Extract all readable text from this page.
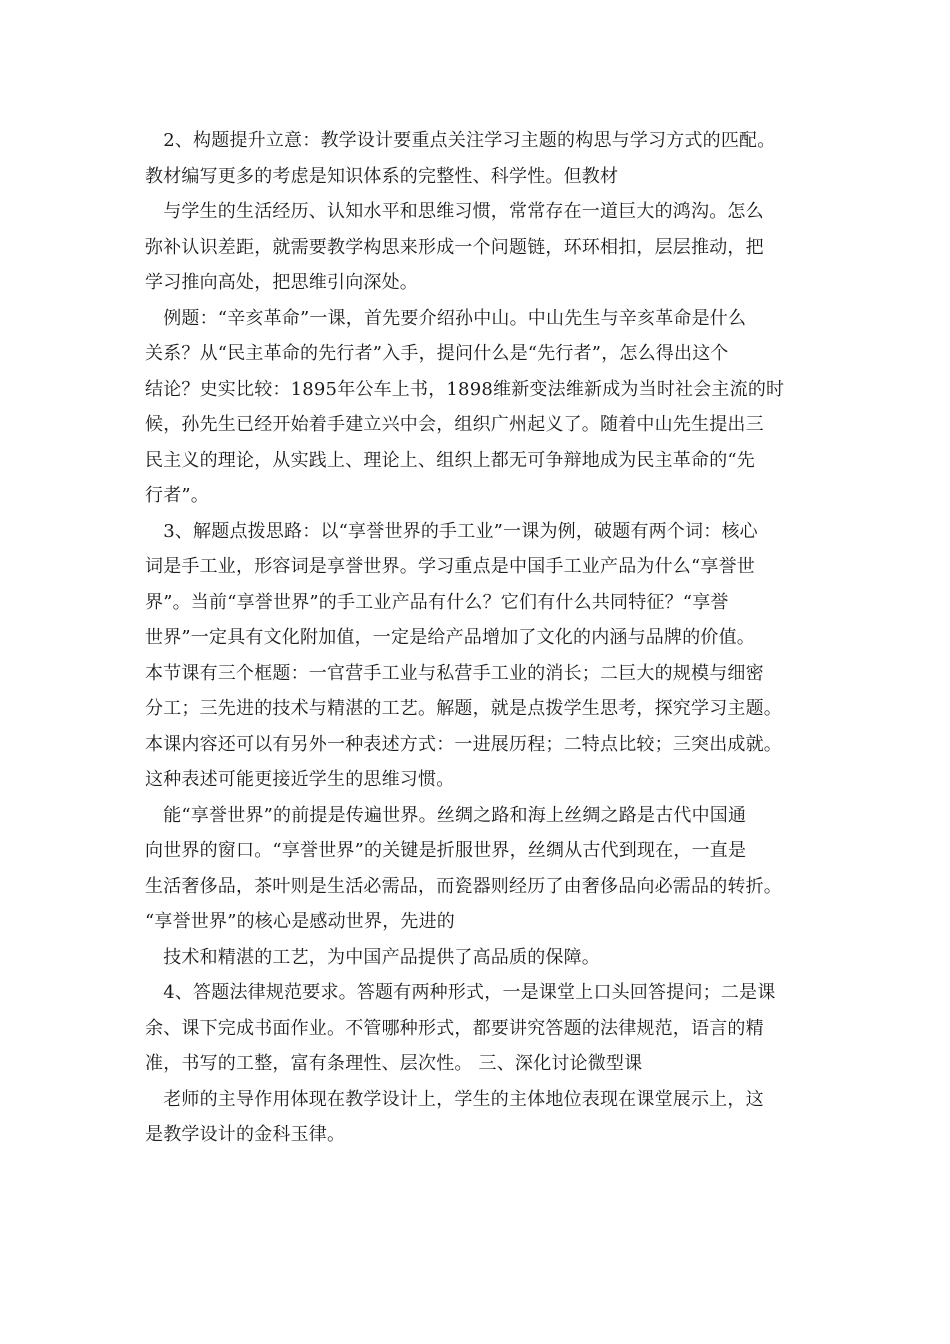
　2、构题提升立意：教学设计要重点关注学习主题的构思与学习方式的匹配。
教材编写更多的考虑是知识体系的完整性、科学性。但教材
　与学生的生活经历、认知水平和思维习惯，常常存在一道巨大的鸿沟。怎么
弥补认识差距，就需要教学构思来形成一个问题链，环环相扣，层层推动，把
学习推向高处，把思维引向深处。
　例题：“辛亥革命”一课，首先要介绍孙中山。中山先生与辛亥革命是什么
关系？从“民主革命的先行者”入手，提问什么是“先行者”，怎么得出这个
结论？史实比较：1895年公车上书，1898维新变法维新成为当时社会主流的时
候，孙先生已经开始着手建立兴中会，组织广州起义了。随着中山先生提出三
民主义的理论，从实践上、理论上、组织上都无可争辩地成为民主革命的“先
行者”。
　3、解题点拨思路：以“享誉世界的手工业”一课为例，破题有两个词：核心
词是手工业，形容词是享誉世界。学习重点是中国手工业产品为什么“享誉世
界”。当前“享誉世界”的手工业产品有什么？它们有什么共同特征？“享誉
世界”一定具有文化附加值，一定是给产品增加了文化的内涵与品牌的价值。
本节课有三个框题：一官营手工业与私营手工业的消长；二巨大的规模与细密
分工；三先进的技术与精湛的工艺。解题，就是点拨学生思考，探究学习主题。
本课内容还可以有另外一种表述方式：一进展历程；二特点比较；三突出成就。
这种表述可能更接近学生的思维习惯。
　能“享誉世界”的前提是传遍世界。丝绸之路和海上丝绸之路是古代中国通
向世界的窗口。“享誉世界”的关键是折服世界，丝绸从古代到现在，一直是
生活奢侈品，茶叶则是生活必需品，而瓷器则经历了由奢侈品向必需品的转折。
“享誉世界”的核心是感动世界，先进的
　技术和精湛的工艺，为中国产品提供了高品质的保障。
　4、答题法律规范要求。答题有两种形式，一是课堂上口头回答提问；二是课
余、课下完成书面作业。不管哪种形式，都要讲究答题的法律规范，语言的精
准，书写的工整，富有条理性、层次性。 三、深化讨论微型课
　老师的主导作用体现在教学设计上，学生的主体地位表现在课堂展示上，这
是教学设计的金科玉律。
